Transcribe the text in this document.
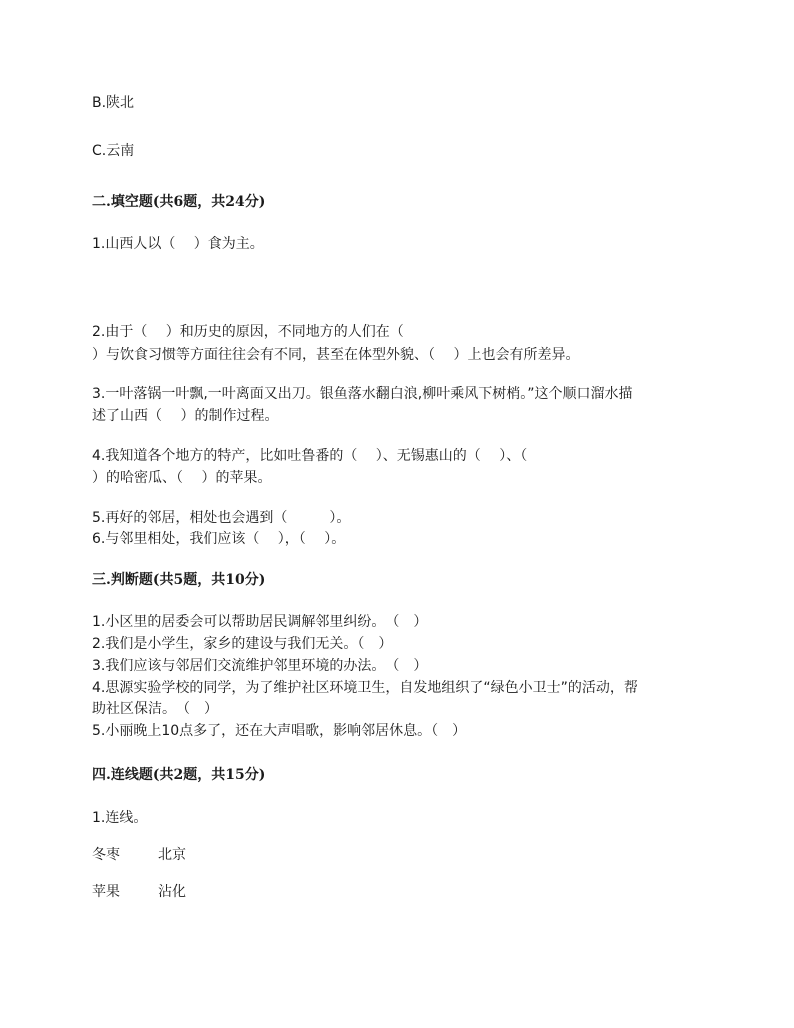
B.陕北
C.云南
二.填空题(共6题，共24分)
1.山西人以（　 ）食为主。
2.由于（　 ）和历史的原因，不同地方的人们在（
）与饮食习惯等方面往往会有不同，甚至在体型外貌、（　 ）上也会有所差异。
3.一叶落锅一叶飘,一叶离面又出刀。银鱼落水翻白浪,柳叶乘风下树梢。”这个顺口溜水描
述了山西（　 ）的制作过程。
4.我知道各个地方的特产，比如吐鲁番的（　 ）、无锡惠山的（　 ）、（
）的哈密瓜、（　 ）的苹果。
5.再好的邻居，相处也会遇到（　　　）。
6.与邻里相处，我们应该（　 ），（　 ）。
三.判断题(共5题，共10分)
1.小区里的居委会可以帮助居民调解邻里纠纷。　（　）
2.我们是小学生，家乡的建设与我们无关。（　）
3.我们应该与邻居们交流维护邻里环境的办法。　（　）
4.思源实验学校的同学，为了维护社区环境卫生，自发地组织了“绿色小卫士”的活动，帮
助社区保洁。　（　）
5.小丽晚上10点多了，还在大声唱歌，影响邻居休息。（　）
四.连线题(共2题，共15分)
1.连线。
冬枣	北京
苹果	沾化
